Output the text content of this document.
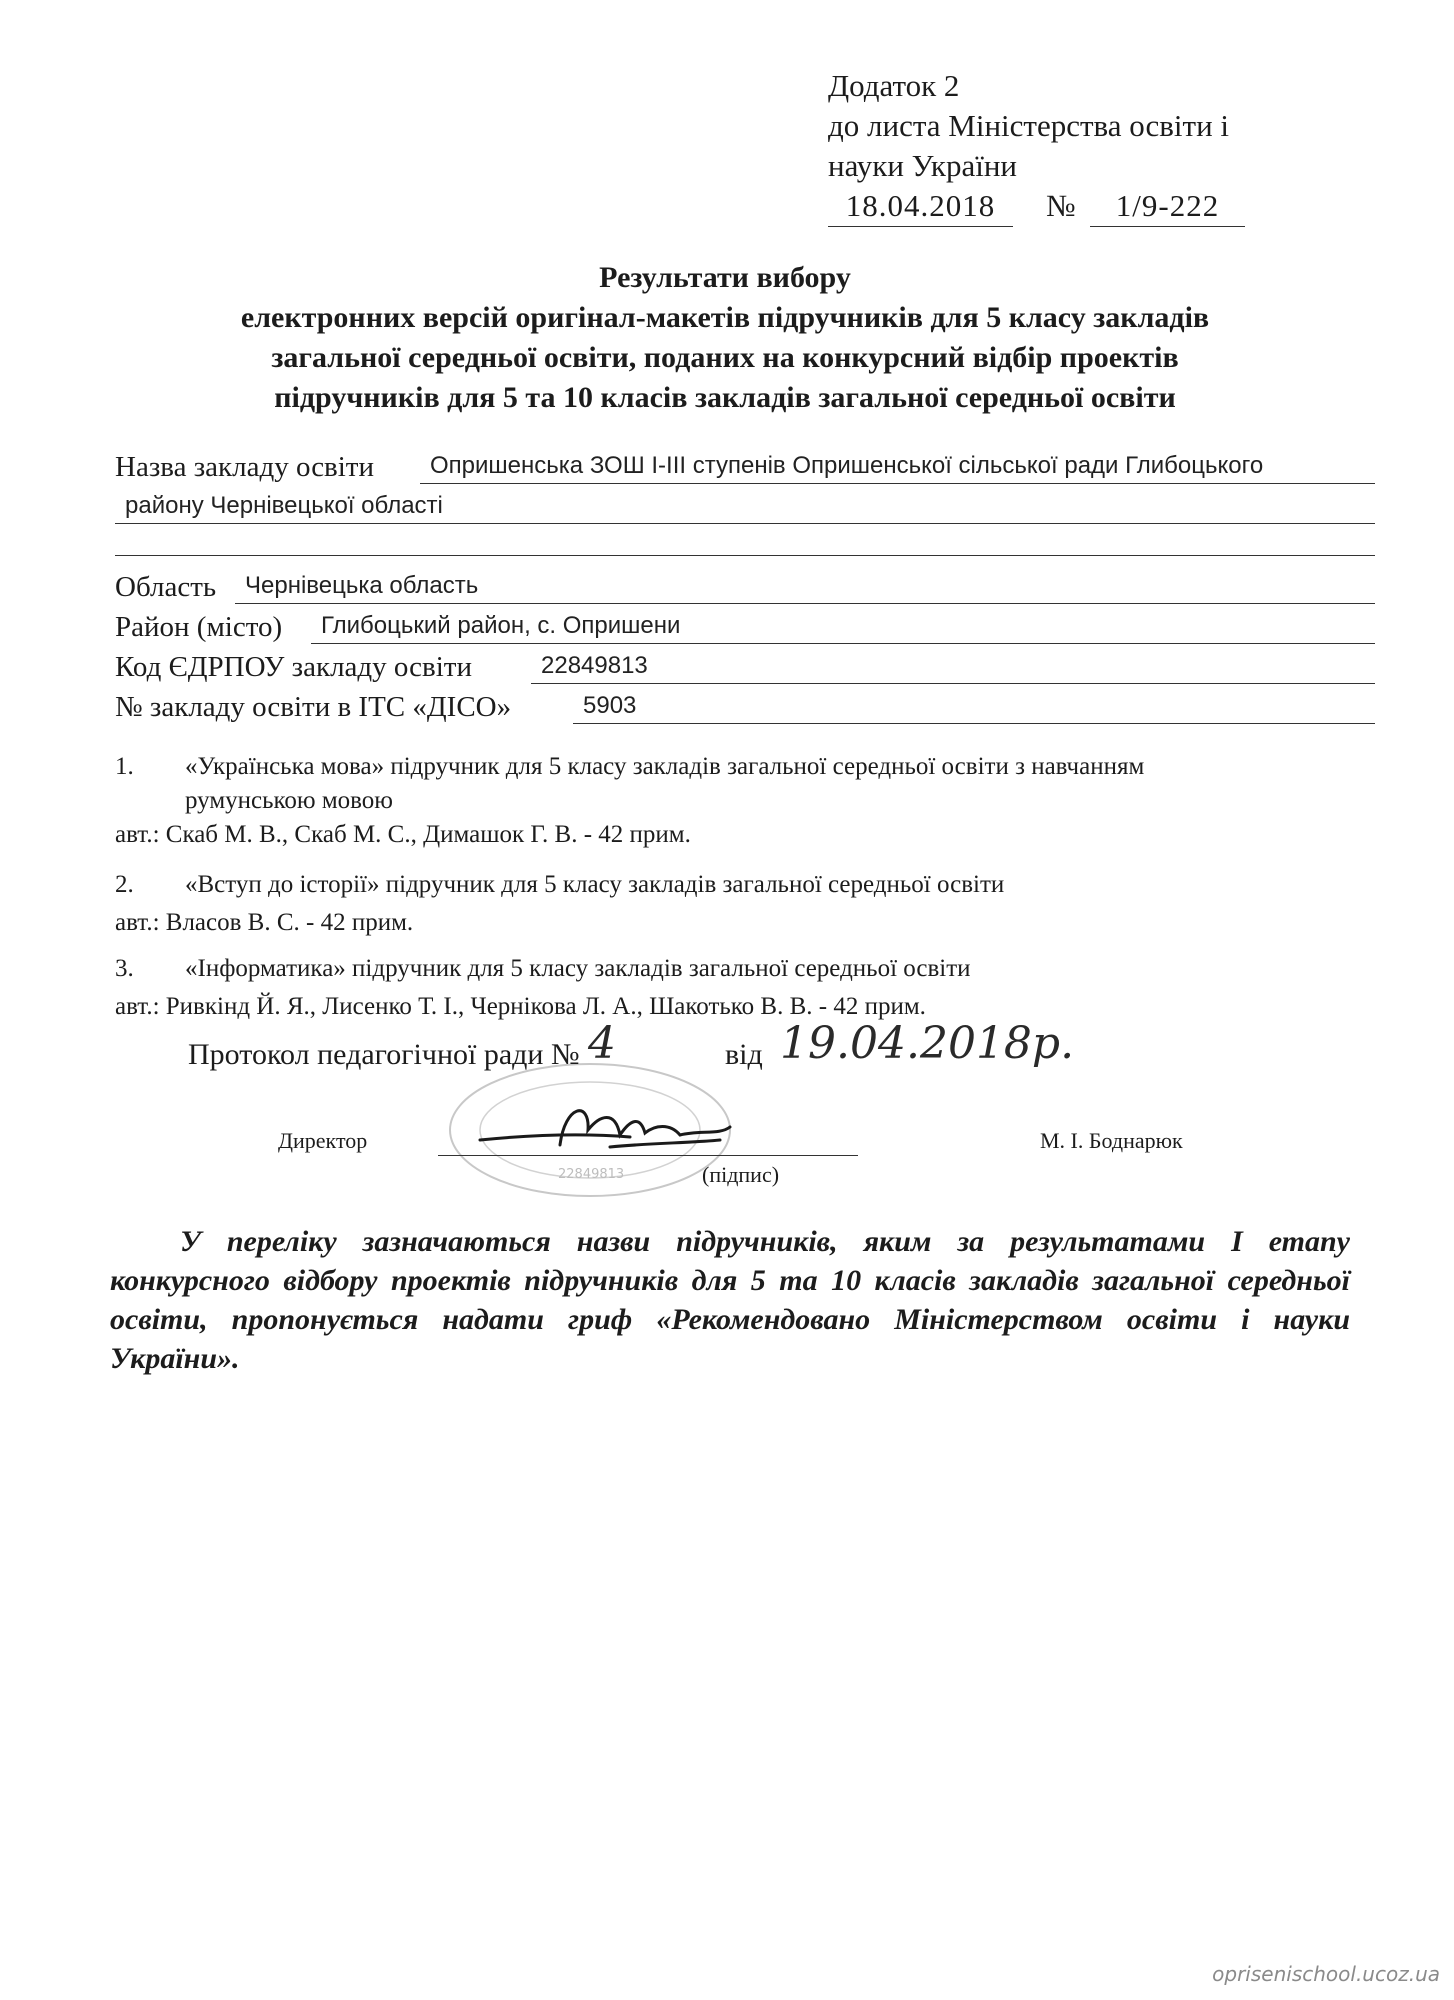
Додаток 2
до листа Міністерства освіти і
науки України
18.04.2018	№	1/9-222
Результати вибору
електронних версій оригінал-макетів підручників для 5 класу закладів
загальної середньої освіти, поданих на конкурсний відбір проектів
підручників для 5 та 10 класів закладів загальної середньої освіти
Назва закладу освіти Опришенська ЗОШ І-ІІІ ступенів Опришенської сільської ради Глибоцького
району Чернівецької області
Область Чернівецька область
Район (місто) Глибоцький район, с. Опришени
Код ЄДРПОУ закладу освіти	22849813
№ закладу освіти в ІТС «ДІСО»	5903
1. «Українська мова» підручник для 5 класу закладів загальної середньої освіти з навчанням
румунською мовою
авт.: Скаб М. В., Скаб М. С., Димашок Г. В. - 42 прим.
2. «Вступ до історії» підручник для 5 класу закладів загальної середньої освіти
авт.: Власов В. С. - 42 прим.
3. «Інформатика» підручник для 5 класу закладів загальної середньої освіти
авт.: Ривкінд Й. Я., Лисенко Т. І., Чернікова Л. А., Шакотько В. В. - 42 прим.
22849813
Протокол педагогічної ради № 4	від 19.04.2018р.
Директор
(підпис)
М. І. Боднарюк
У переліку зазначаються назви підручників, яким за результатами І етапу конкурсного відбору проектів підручників для 5 та 10 класів закладів загальної середньої освіти, пропонується надати гриф «Рекомендовано Міністерством освіти і науки України».
oprisenischool.ucoz.ua
